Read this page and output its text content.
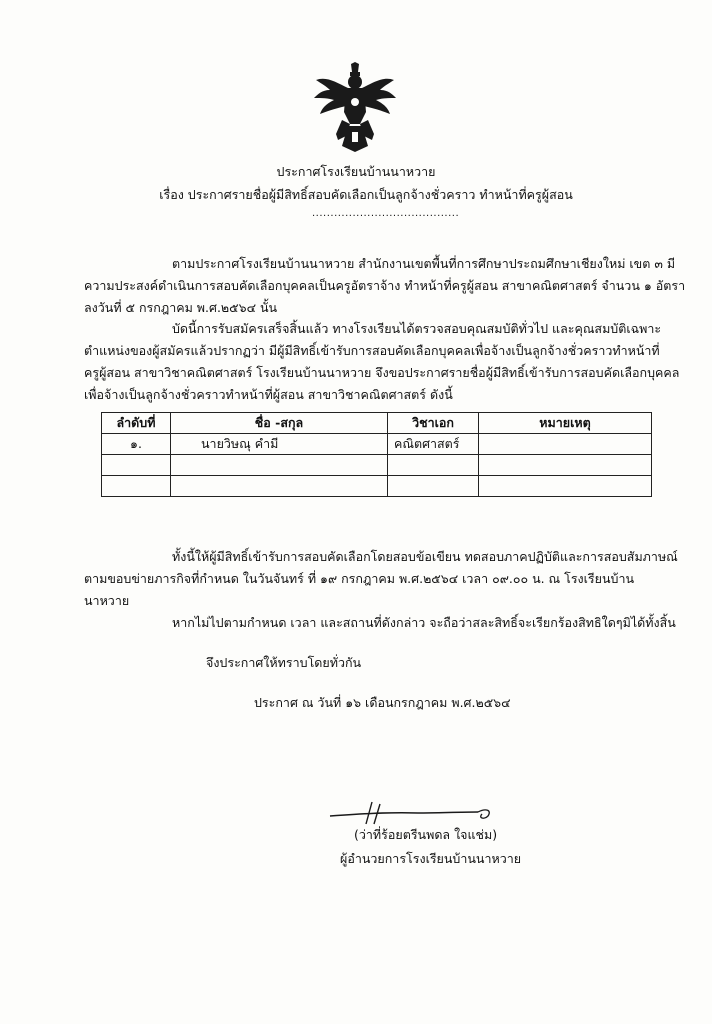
ประกาศโรงเรียนบ้านนาหวาย
เรื่อง ประกาศรายชื่อผู้มีสิทธิ์สอบคัดเลือกเป็นลูกจ้างชั่วคราว ทำหน้าที่ครูผู้สอน
........................................
ตามประกาศโรงเรียนบ้านนาหวาย สำนักงานเขตพื้นที่การศึกษาประถมศึกษาเชียงใหม่ เขต ๓ มี
ความประสงค์ดำเนินการสอบคัดเลือกบุคคลเป็นครูอัตราจ้าง ทำหน้าที่ครูผู้สอน สาขาคณิตศาสตร์ จำนวน ๑ อัตรา
ลงวันที่ ๕ กรกฎาคม พ.ศ.๒๕๖๔ นั้น
บัดนี้การรับสมัครเสร็จสิ้นแล้ว ทางโรงเรียนได้ตรวจสอบคุณสมบัติทั่วไป และคุณสมบัติเฉพาะ
ตำแหน่งของผู้สมัครแล้วปรากฏว่า มีผู้มีสิทธิ์เข้ารับการสอบคัดเลือกบุคคลเพื่อจ้างเป็นลูกจ้างชั่วคราวทำหน้าที่
ครูผู้สอน สาขาวิชาคณิตศาสตร์ โรงเรียนบ้านนาหวาย จึงขอประกาศรายชื่อผู้มีสิทธิ์เข้ารับการสอบคัดเลือกบุคคล
เพื่อจ้างเป็นลูกจ้างชั่วคราวทำหน้าที่ผู้สอน สาขาวิชาคณิตศาสตร์ ดังนี้
ลำดับที่	ชื่อ -สกุล	วิชาเอก	หมายเหตุ
๑.	นายวิษณุ คำมี	คณิตศาสตร์	

ทั้งนี้ให้ผู้มีสิทธิ์เข้ารับการสอบคัดเลือกโดยสอบข้อเขียน ทดสอบภาคปฏิบัติและการสอบสัมภาษณ์
ตามขอบข่ายภารกิจที่กำหนด ในวันจันทร์ ที่ ๑๙ กรกฎาคม พ.ศ.๒๕๖๔ เวลา ๐๙.๐๐ น. ณ โรงเรียนบ้าน
นาหวาย
หากไม่ไปตามกำหนด เวลา และสถานที่ดังกล่าว จะถือว่าสละสิทธิ์จะเรียกร้องสิทธิใดๆมิได้ทั้งสิ้น
จึงประกาศให้ทราบโดยทั่วกัน
ประกาศ ณ วันที่ ๑๖ เดือนกรกฎาคม พ.ศ.๒๕๖๔
(ว่าที่ร้อยตรีนพดล ใจแช่ม)
ผู้อำนวยการโรงเรียนบ้านนาหวาย
